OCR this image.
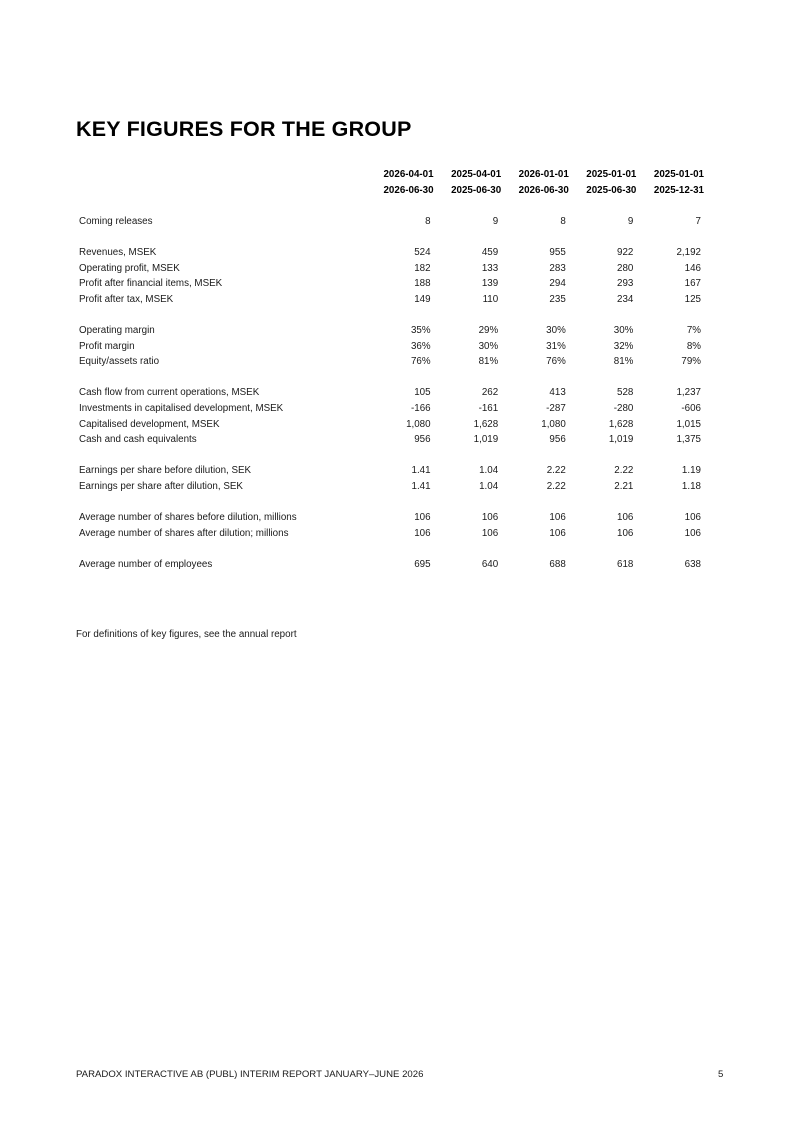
KEY FIGURES FOR THE GROUP
	2026-04-01	2025-04-01	2026-01-01	2025-01-01	2025-01-01
	2026-06-30	2025-06-30	2026-06-30	2025-06-30	2025-12-31

Coming releases	8	9	8	9	7

Revenues, MSEK	524	459	955	922	2,192
Operating profit, MSEK	182	133	283	280	146
Profit after financial items, MSEK	188	139	294	293	167
Profit after tax, MSEK	149	110	235	234	125

Operating margin	35%	29%	30%	30%	7%
Profit margin	36%	30%	31%	32%	8%
Equity/assets ratio	76%	81%	76%	81%	79%

Cash flow from current operations, MSEK	105	262	413	528	1,237
Investments in capitalised development, MSEK	-166	-161	-287	-280	-606
Capitalised development, MSEK	1,080	1,628	1,080	1,628	1,015
Cash and cash equivalents	956	1,019	956	1,019	1,375

Earnings per share before dilution, SEK	1.41	1.04	2.22	2.22	1.19
Earnings per share after dilution, SEK	1.41	1.04	2.22	2.21	1.18

Average number of shares before dilution, millions	106	106	106	106	106
Average number of shares after dilution; millions	106	106	106	106	106

Average number of employees	695	640	688	618	638

For definitions of key figures, see the annual report

PARADOX INTERACTIVE AB (PUBL) INTERIM REPORT JANUARY–JUNE 2026	5
